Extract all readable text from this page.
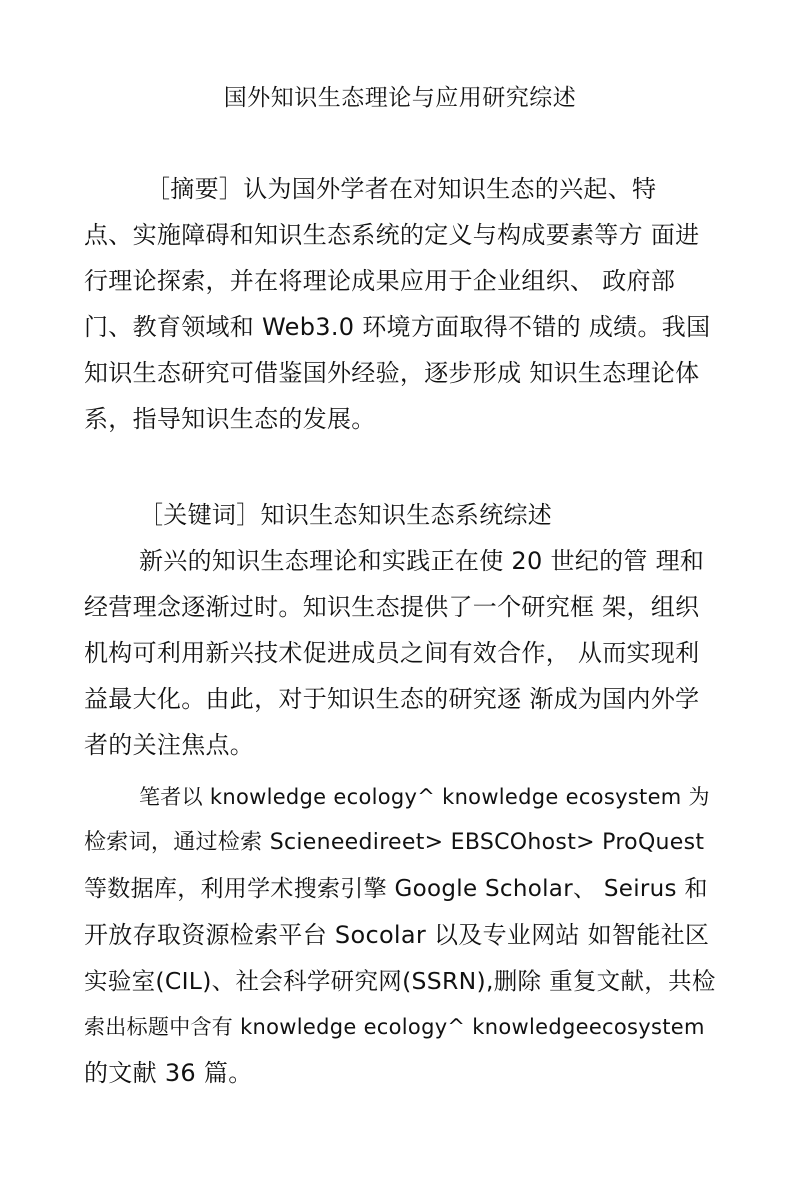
国外知识生态理论与应用研究综述
［摘要］认为国外学者在对知识生态的兴起、特
点、实施障碍和知识生态系统的定义与构成要素等方 面进
行理论探索，并在将理论成果应用于企业组织、 政府部
门、教育领域和 Web3.0 环境方面取得不错的 成绩。我国
知识生态研究可借鉴国外经验，逐步形成 知识生态理论体
系，指导知识生态的发展。
［关键词］知识生态知识生态系统综述
新兴的知识生态理论和实践正在使 20 世纪的管 理和
经营理念逐渐过时。知识生态提供了一个研究框 架，组织
机构可利用新兴技术促进成员之间有效合作， 从而实现利
益最大化。由此，对于知识生态的研究逐 渐成为国内外学
者的关注焦点。
笔者以 knowledge ecology^ knowledge ecosystem 为
检索词，通过检索 Scieneedireet> EBSCOhost> ProQuest
等数据库，利用学术搜索引擎 Google Scholar、 Seirus 和
开放存取资源检索平台 Socolar 以及专业网站 如智能社区
实验室(CIL)、社会科学研究网(SSRN),删除 重复文献，共检
索出标题中含有 knowledge ecology^ knowledgeecosystem
的文献 36 篇。
